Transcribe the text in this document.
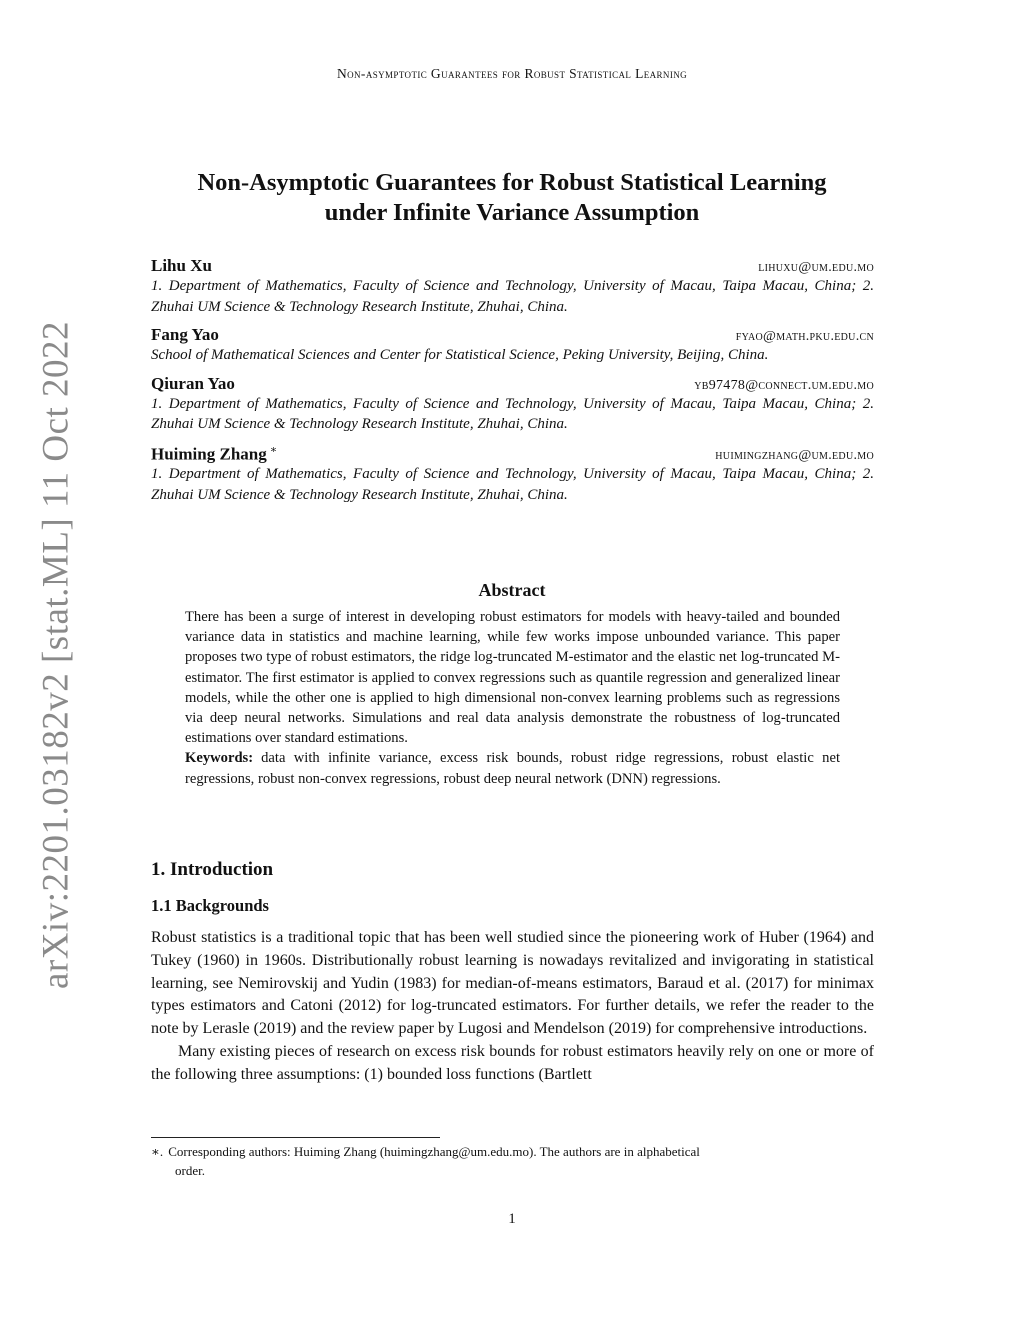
Non-asymptotic Guarantees for Robust Statistical Learning
arXiv:2201.03182v2 [stat.ML] 11 Oct 2022
Non-Asymptotic Guarantees for Robust Statistical Learning
under Infinite Variance Assumption
Lihu Xu	lihuxu@um.edu.mo
1. Department of Mathematics, Faculty of Science and Technology, University of Macau, Taipa Macau, China; 2. Zhuhai UM Science & Technology Research Institute, Zhuhai, China.
Fang Yao	fyao@math.pku.edu.cn
School of Mathematical Sciences and Center for Statistical Science, Peking University, Beijing, China.
Qiuran Yao	yb97478@connect.um.edu.mo
1. Department of Mathematics, Faculty of Science and Technology, University of Macau, Taipa Macau, China; 2. Zhuhai UM Science & Technology Research Institute, Zhuhai, China.
Huiming Zhang ∗	huimingzhang@um.edu.mo
1. Department of Mathematics, Faculty of Science and Technology, University of Macau, Taipa Macau, China; 2. Zhuhai UM Science & Technology Research Institute, Zhuhai, China.
Abstract
There has been a surge of interest in developing robust estimators for models with heavy-tailed and bounded variance data in statistics and machine learning, while few works impose unbounded variance. This paper proposes two type of robust estimators, the ridge log-truncated M-estimator and the elastic net log-truncated M-estimator. The first estimator is applied to convex regressions such as quantile regression and generalized linear models, while the other one is applied to high dimensional non-convex learning problems such as regressions via deep neural networks. Simulations and real data analysis demonstrate the robustness of log-truncated estimations over standard estimations.
Keywords: data with infinite variance, excess risk bounds, robust ridge regressions, robust elastic net regressions, robust non-convex regressions, robust deep neural network (DNN) regressions.
1. Introduction
1.1 Backgrounds

Robust statistics is a traditional topic that has been well studied since the pioneering work of Huber (1964) and Tukey (1960) in 1960s. Distributionally robust learning is nowadays revitalized and invigorating in statistical learning, see Nemirovskij and Yudin (1983) for median-of-means estimators, Baraud et al. (2017) for minimax types estimators and Catoni (2012) for log-truncated estimators. For further details, we refer the reader to the note by Lerasle (2019) and the review paper by Lugosi and Mendelson (2019) for comprehensive introductions.

Many existing pieces of research on excess risk bounds for robust estimators heavily rely on one or more of the following three assumptions: (1) bounded loss functions (Bartlett

∗. Corresponding authors: Huiming Zhang (huimingzhang@um.edu.mo). The authors are in alphabetical
order.
1
